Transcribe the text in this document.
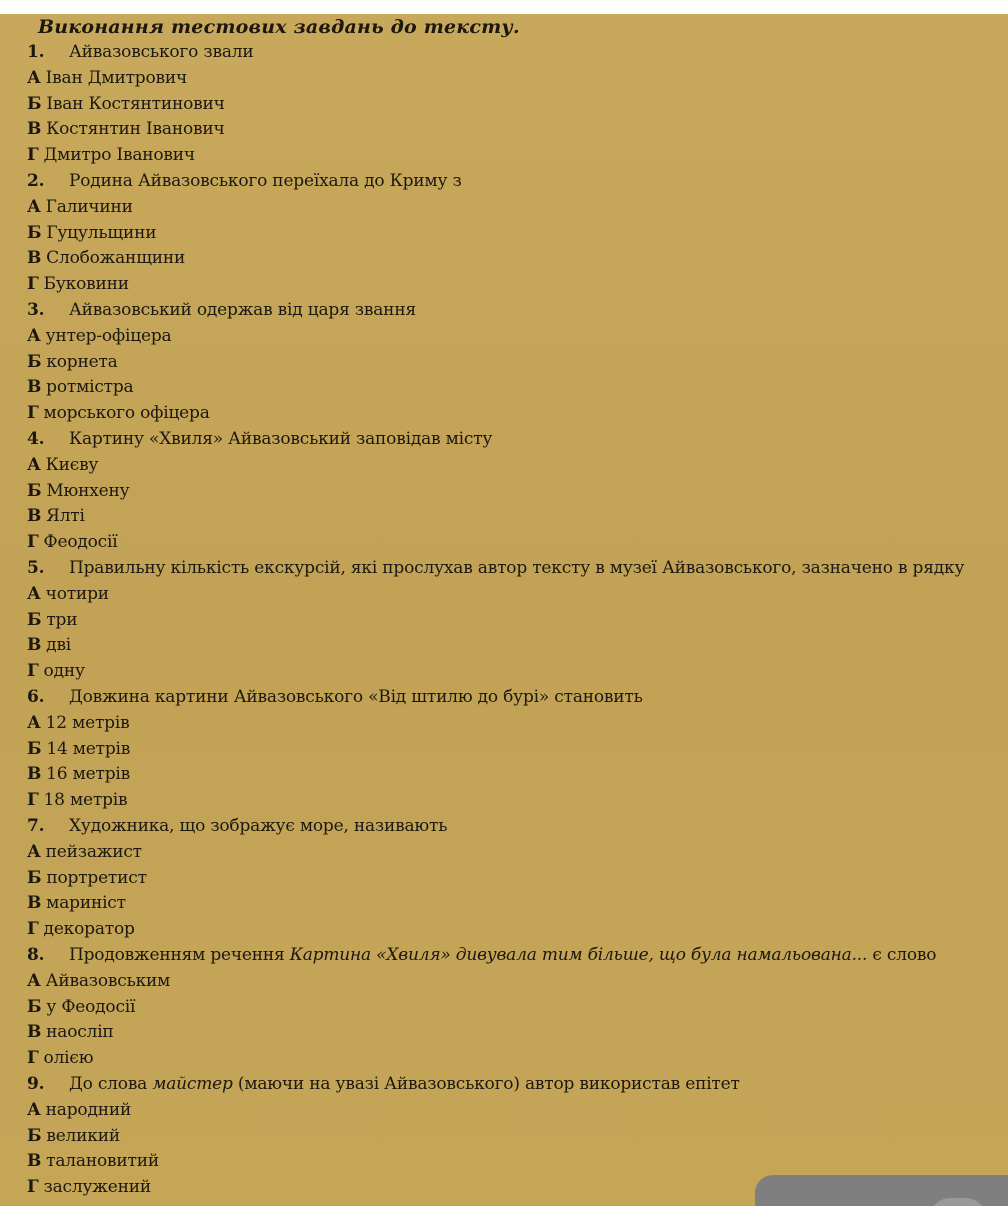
Виконання тестових завдань до тексту.
1. Айвазовського звали
А Іван Дмитрович
Б Іван Костянтинович
В Костянтин Іванович
Г Дмитро Іванович
2. Родина Айвазовського переїхала до Криму з
А Галичини
Б Гуцульщини
В Слобожанщини
Г Буковини
3. Айвазовський одержав від царя звання
А унтер-офіцера
Б корнета
В ротмістра
Г морського офіцера
4. Картину «Хвиля» Айвазовський заповідав місту
А Києву
Б Мюнхену
В Ялті
Г Феодосії
5. Правильну кількість екскурсій, які прослухав автор тексту в музеї Айвазовського, зазначено в рядку
А чотири
Б три
В дві
Г одну
6. Довжина картини Айвазовського «Від штилю до бурі» становить
А 12 метрів
Б 14 метрів
В 16 метрів
Г 18 метрів
7. Художника, що зображує море, називають
А пейзажист
Б портретист
В мариніст
Г декоратор
8. Продовженням речення Картина «Хвиля» дивувала тим більше, що була намальована... є слово
А Айвазовським
Б у Феодосії
В наосліп
Г олією
9. До слова майстер (маючи на увазі Айвазовського) автор використав епітет
А народний
Б великий
В талановитий
Г заслужений
